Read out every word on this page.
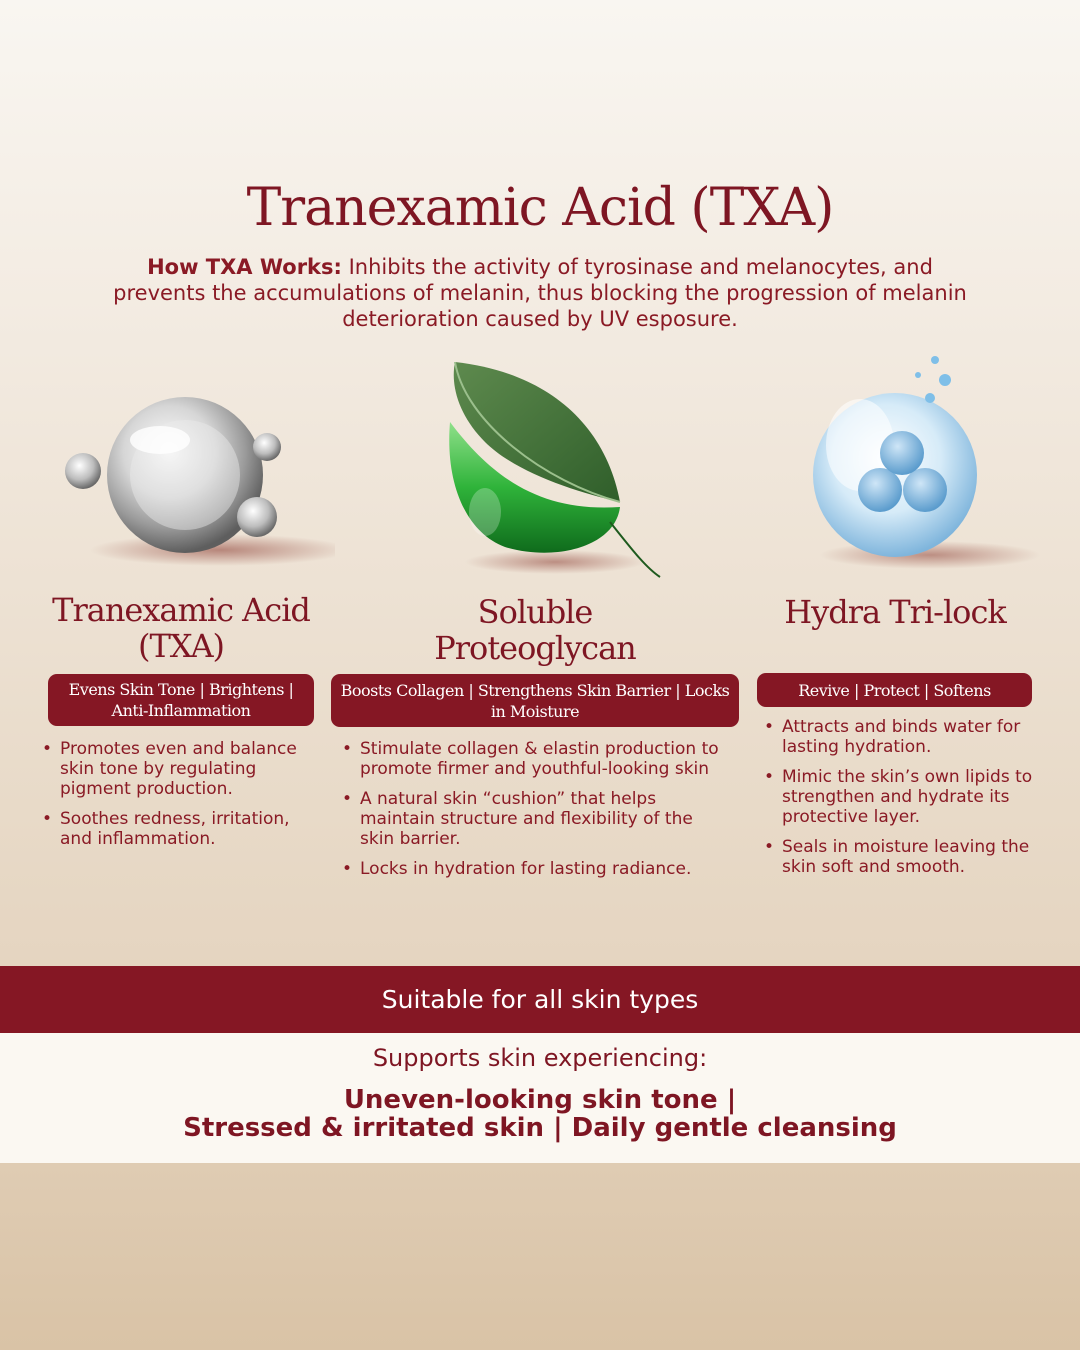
Tranexamic Acid (TXA)
How TXA Works: Inhibits the activity of tyrosinase and melanocytes, and prevents the accumulations of melanin, thus blocking the progression of melanin deterioration caused by UV esposure.
Tranexamic Acid (TXA)
Evens Skin Tone | Brightens | Anti-Inflammation
• Promotes even and balance skin tone by regulating pigment production.
• Soothes redness, irritation, and inflammation.
Soluble Proteoglycan
Boosts Collagen | Strengthens Skin Barrier | Locks in Moisture
• Stimulate collagen & elastin production to promote firmer and youthful-looking skin
• A natural skin “cushion” that helps maintain structure and flexibility of the skin barrier.
• Locks in hydration for lasting radiance.
Hydra Tri-lock
Revive | Protect | Softens
• Attracts and binds water for lasting hydration.
• Mimic the skin’s own lipids to strengthen and hydrate its protective layer.
• Seals in moisture leaving the skin soft and smooth.
Suitable for all skin types
Supports skin experiencing:
Uneven-looking skin tone |
Stressed & irritated skin | Daily gentle cleansing
